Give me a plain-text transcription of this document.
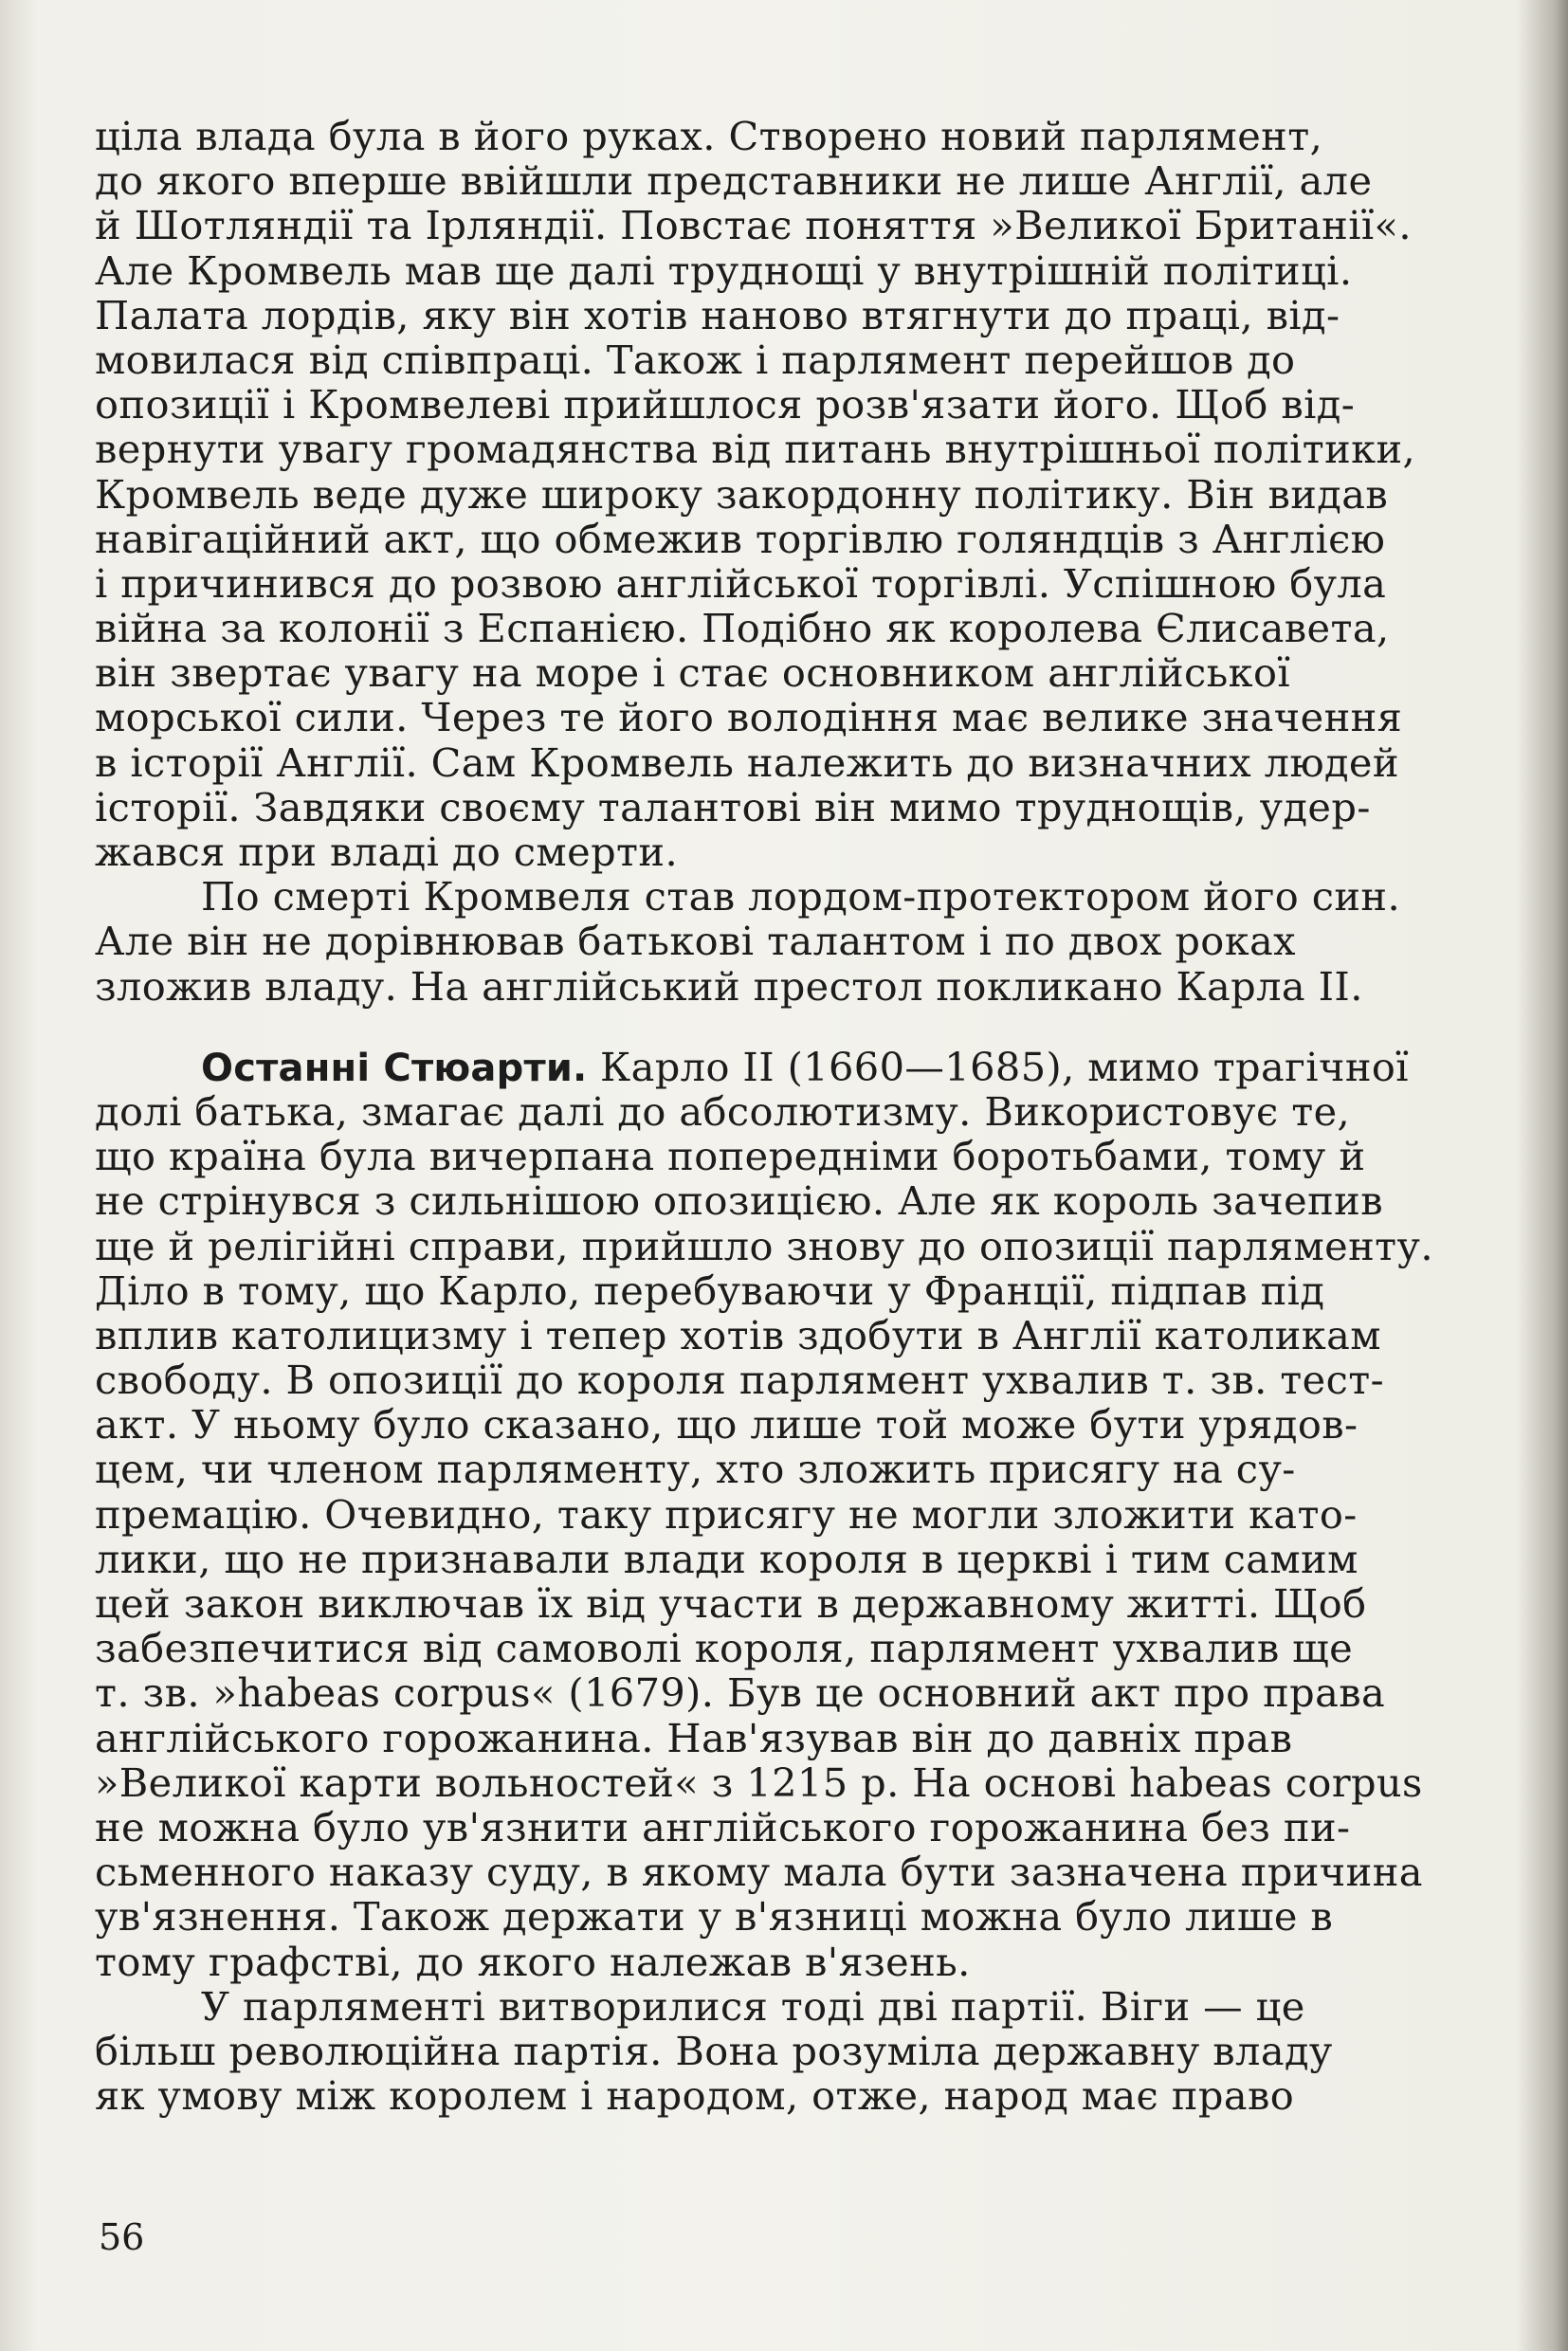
ціла влада була в його руках. Створено новий парлямент,
до якого вперше ввійшли представники не лише Англії, але
й Шотляндії та Ірляндії. Повстає поняття »Великої Британії«.
Але Кромвель мав ще далі труднощі у внутрішній політиці.
Палата лордів, яку він хотів наново втягнути до праці, від-
мовилася від співпраці. Також і парлямент перейшов до
опозиції і Кромвелеві прийшлося розв'язати його. Щоб від-
вернути увагу громадянства від питань внутрішньої політики,
Кромвель веде дуже широку закордонну політику. Він видав
навігаційний акт, що обмежив торгівлю голяндців з Англією
і причинився до розвою англійської торгівлі. Успішною була
війна за колонії з Еспанією. Подібно як королева Єлисавета,
він звертає увагу на море і стає основником англійської
морської сили. Через те його володіння має велике значення
в історії Англії. Сам Кромвель належить до визначних людей
історії. Завдяки своєму талантові він мимо труднощів, удер-
жався при владі до смерти.
По смерті Кромвеля став лордом-протектором його син.
Але він не дорівнював батькові талантом і по двох роках
зложив владу. На англійський престол покликано Карла II.
Останні Стюарти. Карло II (1660—1685), мимо трагічної
долі батька, змагає далі до абсолютизму. Використовує те,
що країна була вичерпана попередніми боротьбами, тому й
не стрінувся з сильнішою опозицією. Але як король зачепив
ще й релігійні справи, прийшло знову до опозиції парляменту.
Діло в тому, що Карло, перебуваючи у Франції, підпав під
вплив католицизму і тепер хотів здобути в Англії католикам
свободу. В опозиції до короля парлямент ухвалив т. зв. тест-
акт. У ньому було сказано, що лише той може бути урядов-
цем, чи членом парляменту, хто зложить присягу на су-
премацію. Очевидно, таку присягу не могли зложити като-
лики, що не признавали влади короля в церкві і тим самим
цей закон виключав їх від участи в державному житті. Щоб
забезпечитися від самоволі короля, парлямент ухвалив ще
т. зв. »habeas corpus« (1679). Був це основний акт про права
англійського горожанина. Нав'язував він до давніх прав
»Великої карти вольностей« з 1215 р. На основі habeas corpus
не можна було ув'язнити англійського горожанина без пи-
сьменного наказу суду, в якому мала бути зазначена причина
ув'язнення. Також держати у в'язниці можна було лише в
тому графстві, до якого належав в'язень.
У парляменті витворилися тоді дві партії. Віги — це
більш революційна партія. Вона розуміла державну владу
як умову між королем і народом, отже, народ має право
56
